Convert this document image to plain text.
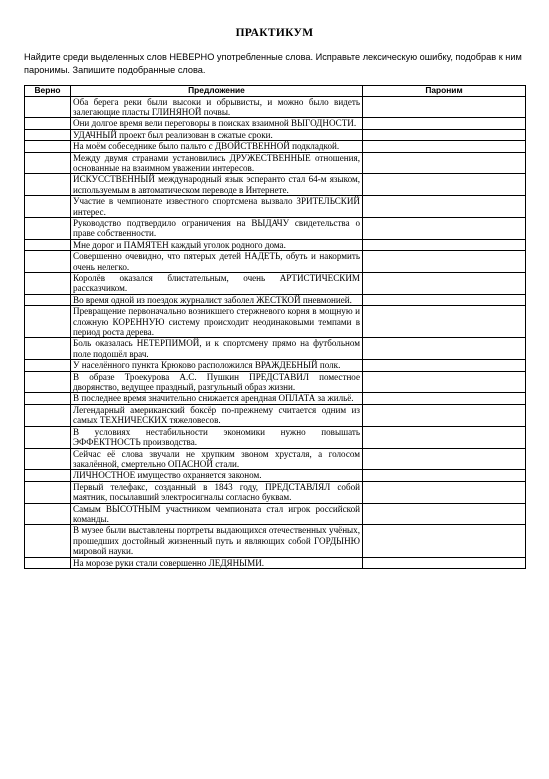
ПРАКТИКУМ
Найдите среди выделенных слов НЕВЕРНО употребленные слова. Исправьте лексическую ошибку, подобрав к ним паронимы. Запишите подобранные слова.
Верно	Предложение	Пароним
	Оба берега реки были высоки и обрывисты, и можно было видеть залегающие пласты ГЛИНЯНОЙ почвы.	
	Они долгое время вели переговоры в поисках взаимной ВЫГОДНОСТИ.	
	УДАЧНЫЙ проект был реализован в сжатые сроки.	
	На моём собеседнике было пальто с ДВОЙСТВЕННОЙ подкладкой.	
	Между двумя странами установились ДРУЖЕСТВЕННЫЕ отношения, основанные на взаимном уважении интересов.	
	ИСКУССТВЕННЫЙ международный язык эсперанто стал 64-м языком, используемым в автоматическом переводе в Интернете.	
	Участие в чемпионате известного спортсмена вызвало ЗРИТЕЛЬСКИЙ интерес.	
	Руководство подтвердило ограничения на ВЫДАЧУ свидетельства о праве собственности.	
	Мне дорог и ПАМЯТЕН каждый уголок родного дома.	
	Совершенно очевидно, что пятерых детей НАДЕТЬ, обуть и накормить очень нелегко.	
	Королёв оказался блистательным, очень АРТИСТИЧЕСКИМ рассказчиком.	
	Во время одной из поездок журналист заболел ЖЕСТКОЙ пневмонией.	
	Превращение первоначально возникшего стержневого корня в мощную и сложную КОРЕННУЮ систему происходит неодинаковыми темпами в период роста дерева.	
	Боль оказалась НЕТЕРПИМОЙ, и к спортсмену прямо на футбольном поле подошёл врач.	
	У населённого пункта Крюково расположился ВРАЖДЕБНЫЙ полк.	
	В образе Троекурова А.С. Пушкин ПРЕДСТАВИЛ поместное дворянство, ведущее праздный, разгульный образ жизни.	
	В последнее время значительно снижается арендная ОПЛАТА за жильё.	
	Легендарный американский боксёр по-прежнему считается одним из самых ТЕХНИЧЕСКИХ тяжеловесов.	
	В условиях нестабильности экономики нужно повышать ЭФФЕКТНОСТЬ производства.	
	Сейчас её слова звучали не хрупким звоном хрусталя, а голосом закалённой, смертельно ОПАСНОЙ стали.	
	ЛИЧНОСТНОЕ имущество охраняется законом.	
	Первый телефакс, созданный в 1843 году, ПРЕДСТАВЛЯЛ собой маятник, посылавший электросигналы согласно буквам.	
	Самым ВЫСОТНЫМ участником чемпионата стал игрок российской команды.	
	В музее были выставлены портреты выдающихся отечественных учёных, прошедших достойный жизненный путь и являющих собой ГОРДЫНЮ мировой науки.	
	На морозе руки стали совершенно ЛЕДЯНЫМИ.	
